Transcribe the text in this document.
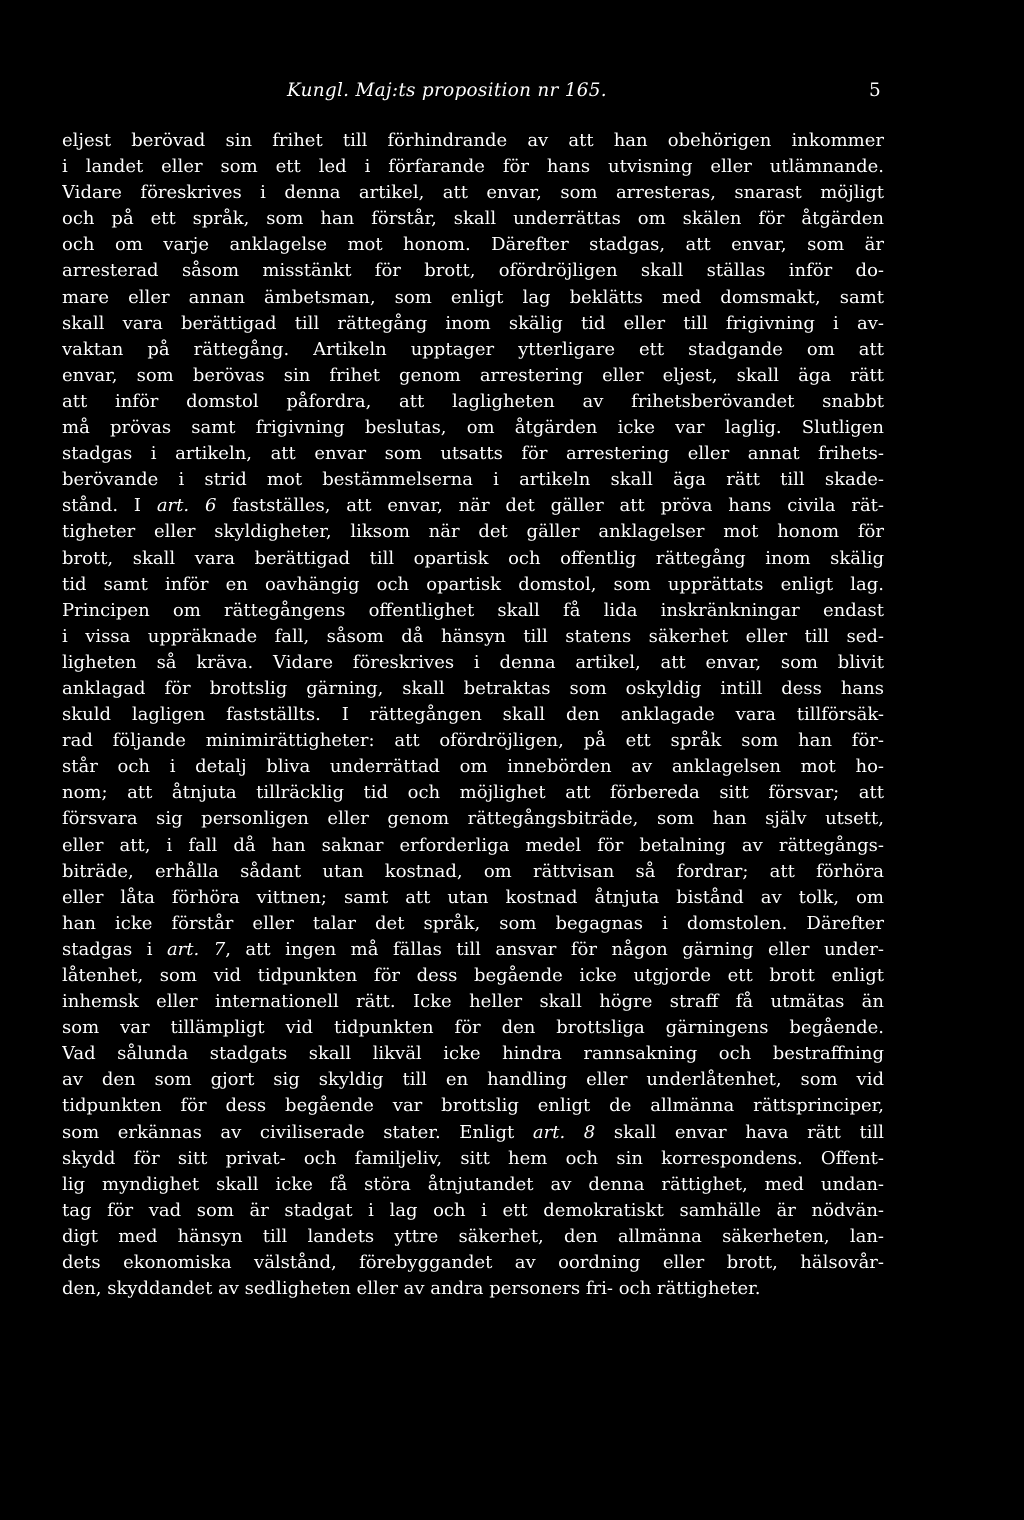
Kungl. Maj:ts proposition nr 165.	5
eljest berövad sin frihet till förhindrande av att han obehörigen inkommer
i landet eller som ett led i förfarande för hans utvisning eller utlämnande.
Vidare föreskrives i denna artikel, att envar, som arresteras, snarast möjligt
och på ett språk, som han förstår, skall underrättas om skälen för åtgärden
och om varje anklagelse mot honom. Därefter stadgas, att envar, som är
arresterad såsom misstänkt för brott, ofördröjligen skall ställas inför do-
mare eller annan ämbetsman, som enligt lag beklätts med domsmakt, samt
skall vara berättigad till rättegång inom skälig tid eller till frigivning i av-
vaktan på rättegång. Artikeln upptager ytterligare ett stadgande om att
envar, som berövas sin frihet genom arrestering eller eljest, skall äga rätt
att inför domstol påfordra, att lagligheten av frihetsberövandet snabbt
må prövas samt frigivning beslutas, om åtgärden icke var laglig. Slutligen
stadgas i artikeln, att envar som utsatts för arrestering eller annat frihets-
berövande i strid mot bestämmelserna i artikeln skall äga rätt till skade-
stånd. I art. 6 fastställes, att envar, när det gäller att pröva hans civila rät-
tigheter eller skyldigheter, liksom när det gäller anklagelser mot honom för
brott, skall vara berättigad till opartisk och offentlig rättegång inom skälig
tid samt inför en oavhängig och opartisk domstol, som upprättats enligt lag.
Principen om rättegångens offentlighet skall få lida inskränkningar endast
i vissa uppräknade fall, såsom då hänsyn till statens säkerhet eller till sed-
ligheten så kräva. Vidare föreskrives i denna artikel, att envar, som blivit
anklagad för brottslig gärning, skall betraktas som oskyldig intill dess hans
skuld lagligen fastställts. I rättegången skall den anklagade vara tillförsäk-
rad följande minimirättigheter: att ofördröjligen, på ett språk som han för-
står och i detalj bliva underrättad om innebörden av anklagelsen mot ho-
nom; att åtnjuta tillräcklig tid och möjlighet att förbereda sitt försvar; att
försvara sig personligen eller genom rättegångsbiträde, som han själv utsett,
eller att, i fall då han saknar erforderliga medel för betalning av rättegångs-
biträde, erhålla sådant utan kostnad, om rättvisan så fordrar; att förhöra
eller låta förhöra vittnen; samt att utan kostnad åtnjuta bistånd av tolk, om
han icke förstår eller talar det språk, som begagnas i domstolen. Därefter
stadgas i art. 7, att ingen må fällas till ansvar för någon gärning eller under-
låtenhet, som vid tidpunkten för dess begående icke utgjorde ett brott enligt
inhemsk eller internationell rätt. Icke heller skall högre straff få utmätas än
som var tillämpligt vid tidpunkten för den brottsliga gärningens begående.
Vad sålunda stadgats skall likväl icke hindra rannsakning och bestraffning
av den som gjort sig skyldig till en handling eller underlåtenhet, som vid
tidpunkten för dess begående var brottslig enligt de allmänna rättsprinciper,
som erkännas av civiliserade stater. Enligt art. 8 skall envar hava rätt till
skydd för sitt privat- och familjeliv, sitt hem och sin korrespondens. Offent-
lig myndighet skall icke få störa åtnjutandet av denna rättighet, med undan-
tag för vad som är stadgat i lag och i ett demokratiskt samhälle är nödvän-
digt med hänsyn till landets yttre säkerhet, den allmänna säkerheten, lan-
dets ekonomiska välstånd, förebyggandet av oordning eller brott, hälsovår-
den, skyddandet av sedligheten eller av andra personers fri- och rättigheter.
